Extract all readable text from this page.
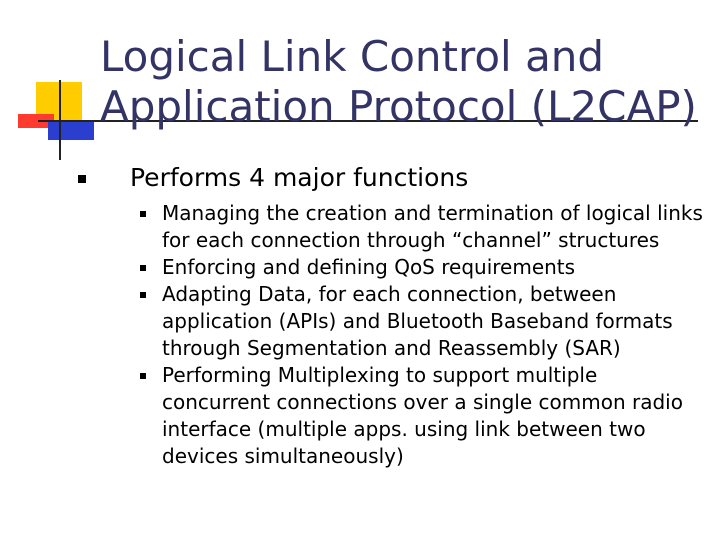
Logical Link Control and
Application Protocol (L2CAP)
Performs 4 major functions
Managing the creation and termination of logical links for each connection through “channel” structures
Enforcing and defining QoS requirements
Adapting Data, for each connection, between application (APIs) and Bluetooth Baseband formats through Segmentation and Reassembly (SAR)
Performing Multiplexing to support multiple concurrent connections over a single common radio interface (multiple apps. using link between two devices simultaneously)
